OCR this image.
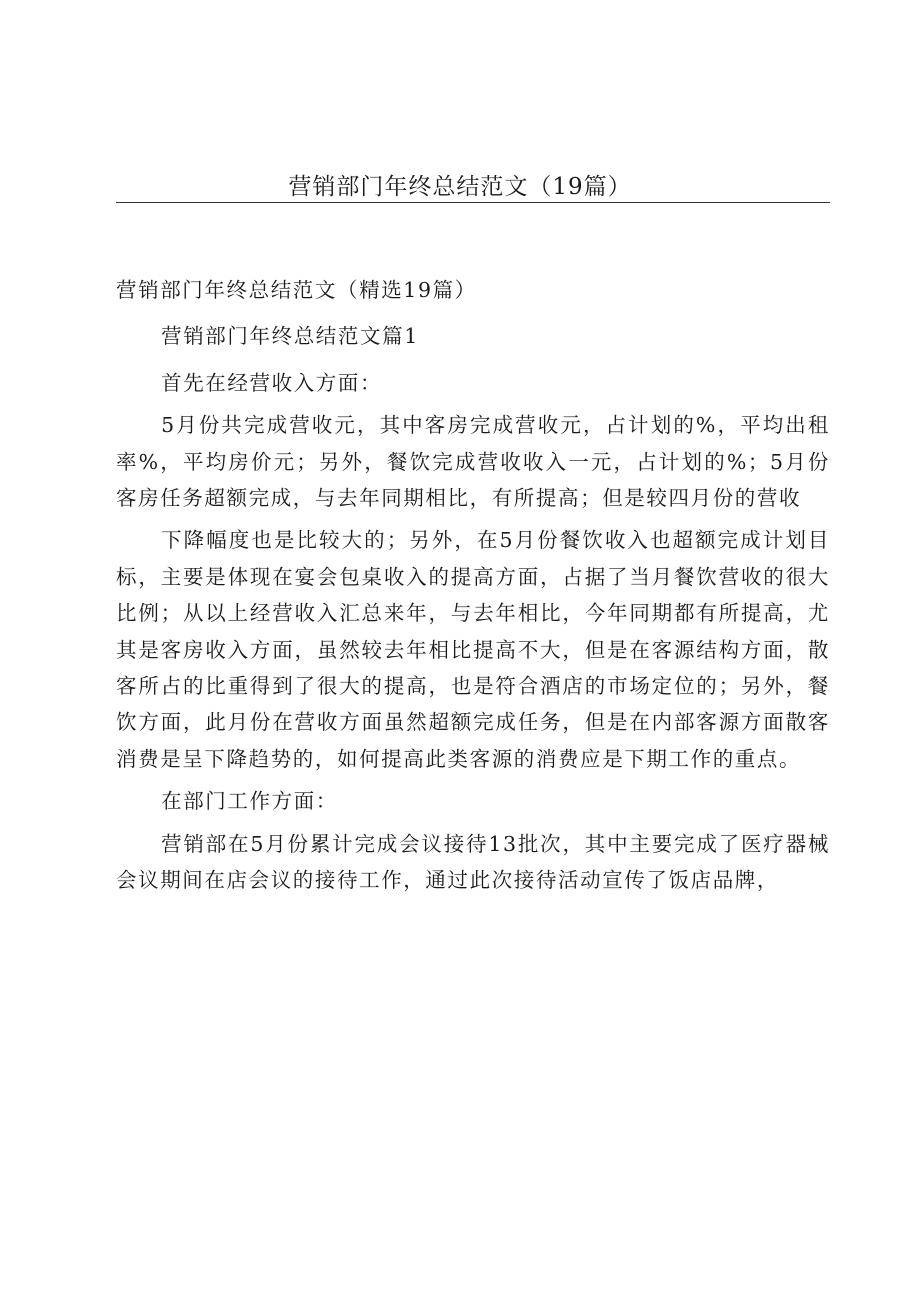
营销部门年终总结范文（19篇）

营销部门年终总结范文（精选19篇）

营销部门年终总结范文篇1

首先在经营收入方面：

5月份共完成营收元，其中客房完成营收元，占计划的%，平均出租率%，平均房价元；另外，餐饮完成营收收入一元，占计划的%；5月份客房任务超额完成，与去年同期相比，有所提高；但是较四月份的营收

下降幅度也是比较大的；另外，在5月份餐饮收入也超额完成计划目标，主要是体现在宴会包桌收入的提高方面，占据了当月餐饮营收的很大比例；从以上经营收入汇总来年，与去年相比，今年同期都有所提高，尤其是客房收入方面，虽然较去年相比提高不大，但是在客源结构方面，散客所占的比重得到了很大的提高，也是符合酒店的市场定位的；另外，餐饮方面，此月份在营收方面虽然超额完成任务，但是在内部客源方面散客消费是呈下降趋势的，如何提高此类客源的消费应是下期工作的重点。

在部门工作方面：

营销部在5月份累计完成会议接待13批次，其中主要完成了医疗器械会议期间在店会议的接待工作，通过此次接待活动宣传了饭店品牌，
